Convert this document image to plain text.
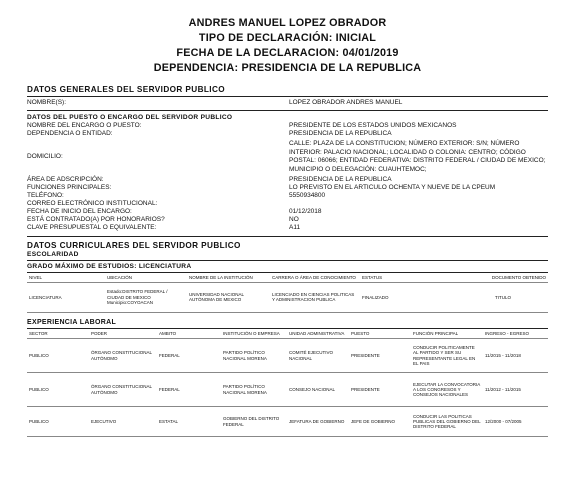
ANDRES MANUEL LOPEZ OBRADOR
TIPO DE DECLARACIÓN: INICIAL
FECHA DE LA DECLARACION: 04/01/2019
DEPENDENCIA: PRESIDENCIA DE LA REPUBLICA
DATOS GENERALES DEL SERVIDOR PUBLICO
NOMBRE(S):	LOPEZ OBRADOR ANDRES MANUEL
DATOS DEL PUESTO O ENCARGO DEL SERVIDOR PUBLICO
NOMBRE DEL ENCARGO O PUESTO:	PRESIDENTE DE LOS ESTADOS UNIDOS MEXICANOS
DEPENDENCIA O ENTIDAD:	PRESIDENCIA DE LA REPUBLICA
DOMICILIO:
CALLE: PLAZA DE LA CONSTITUCION; NÚMERO EXTERIOR: S/N; NÚMERO INTERIOR: PALACIO NACIONAL; LOCALIDAD O COLONIA: CENTRO; CÓDIGO POSTAL: 06066; ENTIDAD FEDERATIVA: DISTRITO FEDERAL / CIUDAD DE MEXICO; MUNICIPIO O DELEGACIÓN: CUAUHTEMOC;
ÁREA DE ADSCRIPCIÓN:	PRESIDENCIA DE LA REPUBLICA
FUNCIONES PRINCIPALES:	LO PREVISTO EN EL ARTICULO OCHENTA Y NUEVE DE LA CPEUM
TELÉFONO:	5550934800
CORREO ELECTRÓNICO INSTITUCIONAL:
FECHA DE INICIO DEL ENCARGO:	01/12/2018
ESTÁ CONTRATADO(A) POR HONORARIOS?	NO
CLAVE PRESUPUESTAL O EQUIVALENTE:	A11
DATOS CURRICULARES DEL SERVIDOR PUBLICO
ESCOLARIDAD
GRADO MÁXIMO DE ESTUDIOS: LICENCIATURA
NIVEL	UBICACIÓN	NOMBRE DE LA INSTITUCIÓN	CARRERA O ÁREA DE CONOCIMIENTO	ESTATUS	DOCUMENTO OBTENIDO
LICENCIATURA	Estado:DISTRITO FEDERAL / CIUDAD DE MEXICO Municipio:COYOACAN	UNIVERSIDAD NACIONAL AUTÓNOMA DE MEXICO	LICENCIADO EN CIENCIAS POLITICAS Y ADMINISTRACION PUBLICA	FINALIZADO	TITULO
EXPERIENCIA LABORAL
SECTOR	PODER	AMBITO	INSTITUCIÓN O EMPRESA	UNIDAD ADMINISTRATIVA	PUESTO	FUNCIÓN PRINCIPAL	INGRESO - EGRESO
PUBLICO	ÓRGANO CONSTITUCIONAL AUTÓNOMO	FEDERAL	PARTIDO POLÍTICO NACIONAL MORENA	COMITÉ EJECUTIVO NACIONAL	PRESIDENTE	CONDUCIR POLITICAMENTE AL PARTIDO Y SER SU REPRESENTANTE LEGAL EN EL PAIS	11/2015 - 11/2018
PUBLICO	ÓRGANO CONSTITUCIONAL AUTÓNOMO	FEDERAL	PARTIDO POLÍTICO NACIONAL MORENA	CONSEJO NACIONAL	PRESIDENTE	EJECUTAR LA CONVOCATORIA A LOS CONGRESOS Y CONSEJOS NACIONALES	11/2012 - 11/2015
PUBLICO	EJECUTIVO	ESTATAL	GOBIERNO DEL DISTRITO FEDERAL	JEFATURA DE GOBIERNO	JEFE DE GOBIERNO	CONDUCIR LAS POLITICAS PUBLICAS DEL GOBIERNO DEL DISTRITO FEDERAL	12/2000 - 07/2005
